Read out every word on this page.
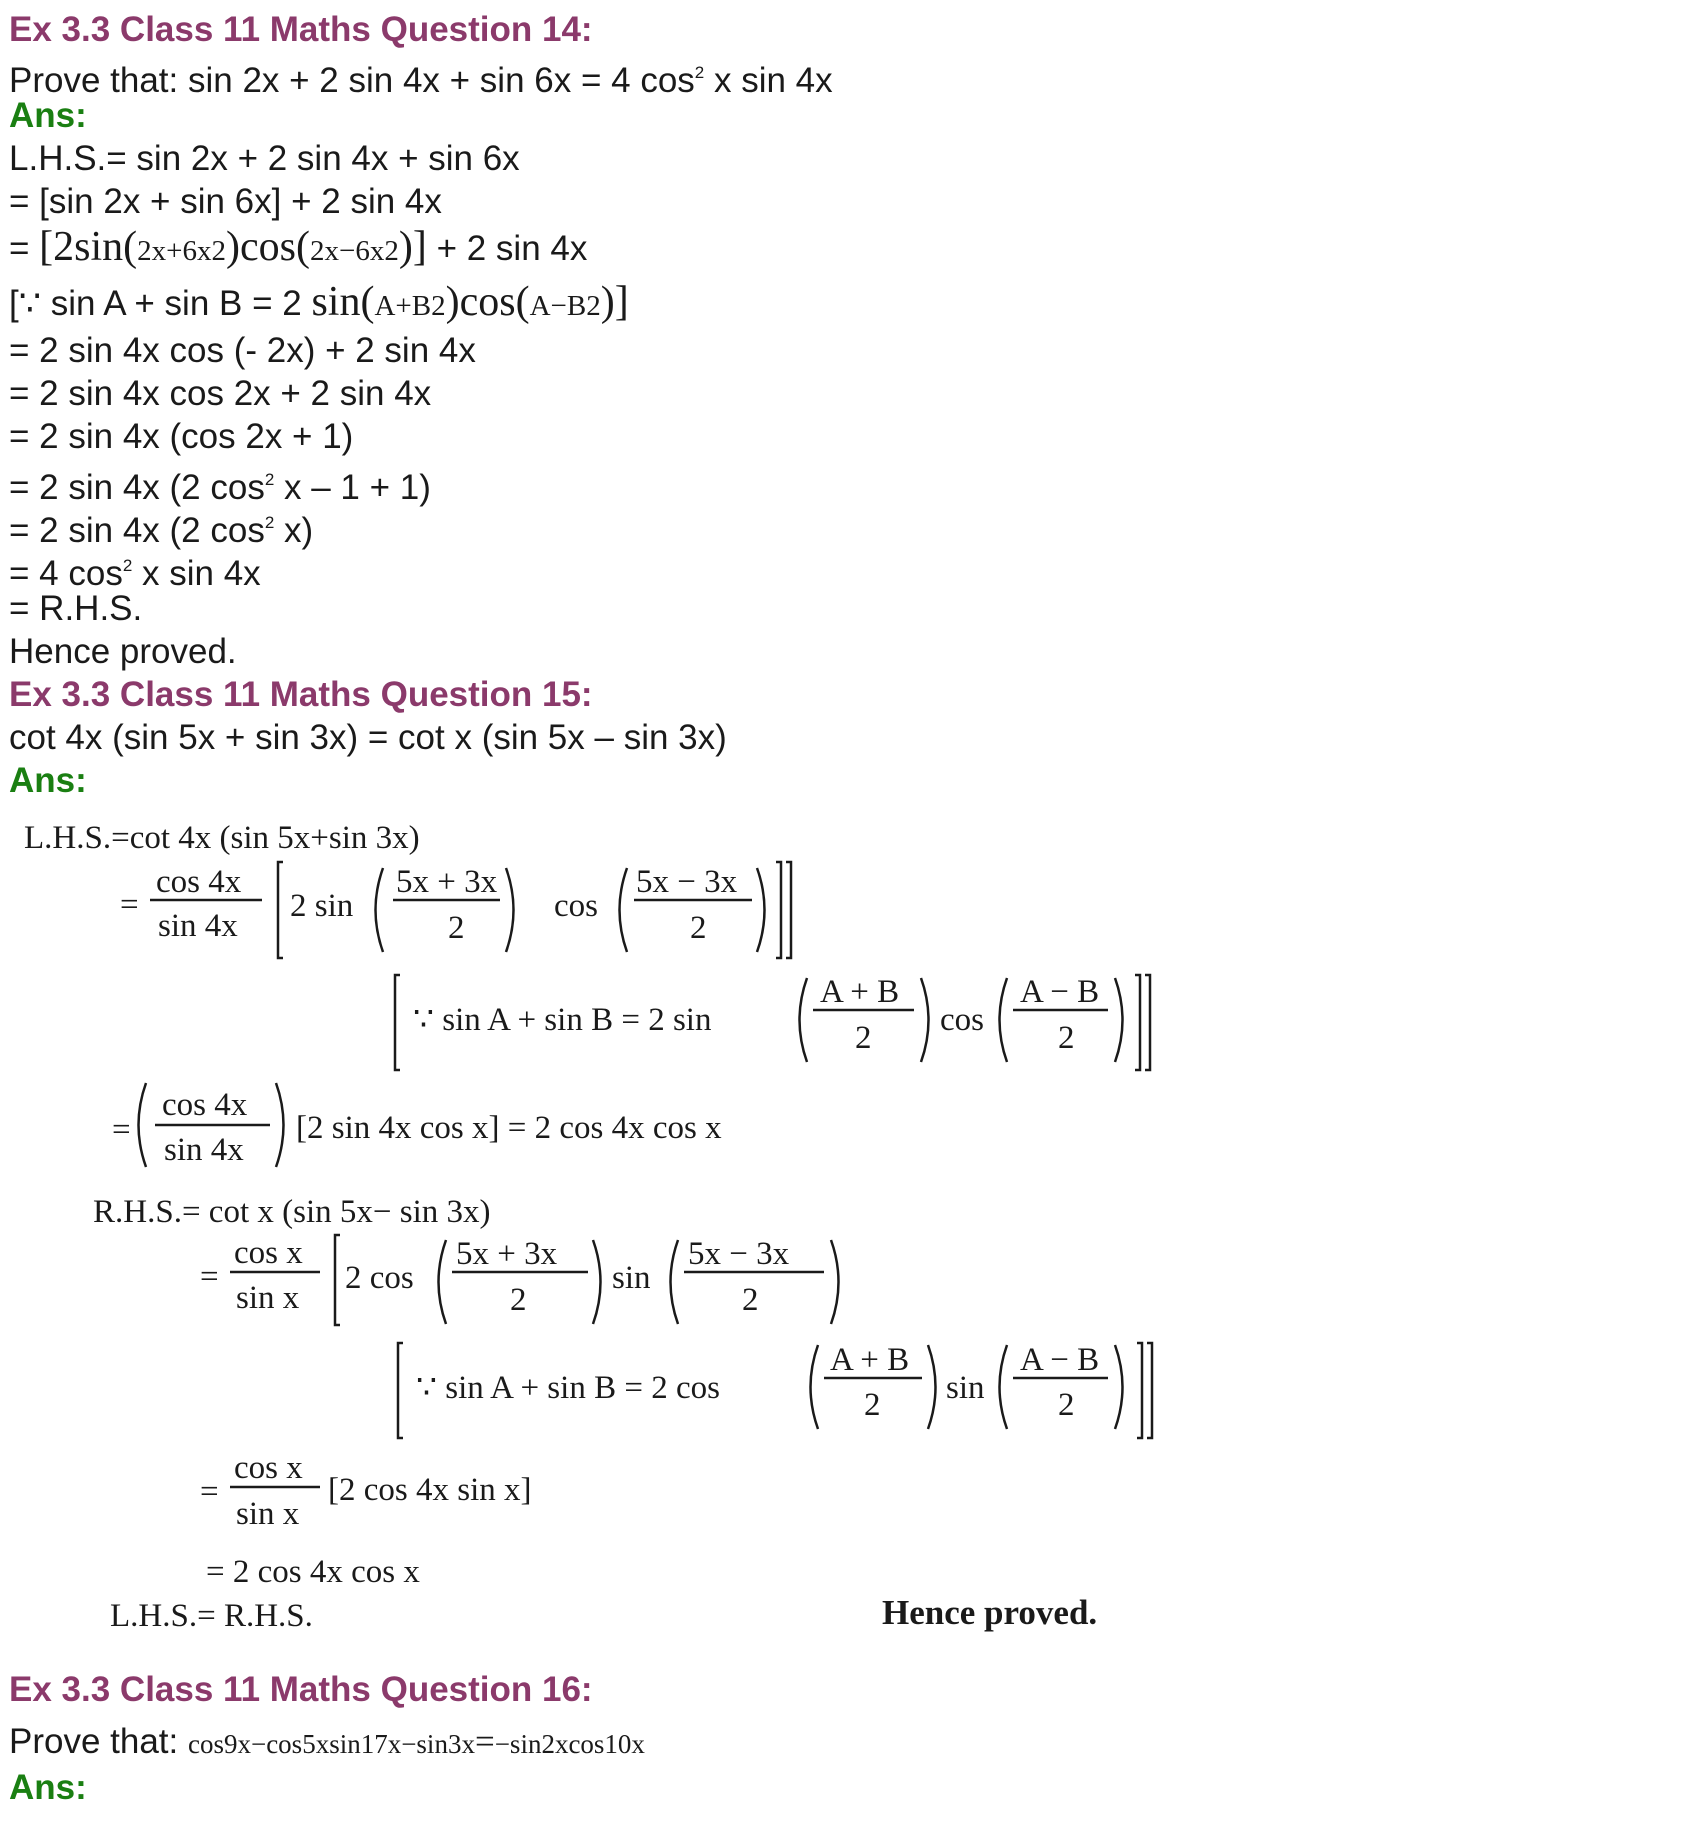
Ex 3.3 Class 11 Maths Question 14:
Prove that: sin 2x + 2 sin 4x + sin 6x = 4 $\cos^2 x$ sin 4x
Ans:
L.H.S.= sin 2x + 2 sin 4x + sin 6x
= [sin 2x + sin 6x] + 2 sin 4x
= [2sin(2x+6x2)cos(2x−6x2)] + 2 sin 4x
[∵ sin A + sin B = 2 sin(A+B2)cos(A−B2)]
= 2 sin 4x cos (- 2x) + 2 sin 4x
= 2 sin 4x cos 2x + 2 sin 4x
= 2 sin 4x (cos 2x + 1)
= 2 sin 4x (2 $\cos^2 x - 1 + 1$)
= 2 sin 4x (2 $\cos^2 x$)
= 4 $\cos^2 x$ sin 4x
= R.H.S.
Hence proved.
Ex 3.3 Class 11 Maths Question 15:
cot 4x (sin 5x + sin 3x) = cot x (sin 5x – sin 3x)
Ans:
L.H.S.=cot 4x (sin 5x+sin 3x)
=
cos 4x
sin 4x
2 sin
5x + 3x
2
cos
5x − 3x
2
∵ sin A + sin B = 2 sin
A + B
2 cos
A − B
2
=
cos 4x
sin 4x
[2 sin 4x cos x] = 2 cos 4x cos x
R.H.S.= cot x (sin 5x− sin 3x)
=
cos x
sin x
2 cos
5x + 3x
2
sin
5x − 3x
2
∵ sin A + sin B = 2 cos
A + B
2 sin
A − B
2
=
cos x
sin x
[2 cos 4x sin x]
= 2 cos 4x cos x
L.H.S.= R.H.S.	Hence proved.
Ex 3.3 Class 11 Maths Question 16:
Prove that: cos9x−cos5xsin17x−sin3x=−sin2xcos10x
Ans:
